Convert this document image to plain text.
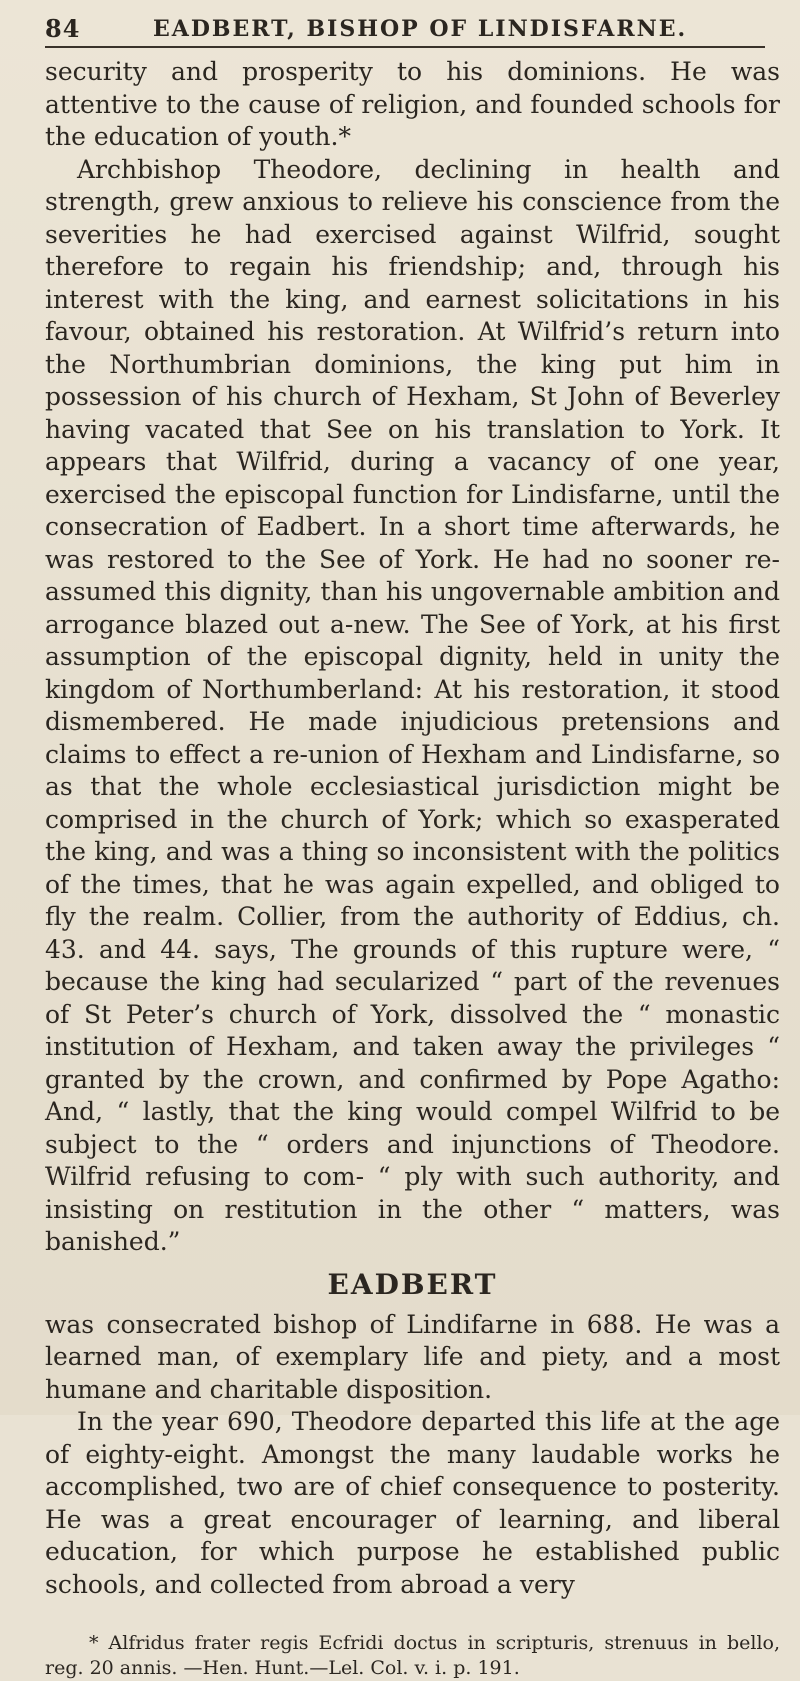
84	EADBERT, BISHOP OF LINDISFARNE.

security and prosperity to his dominions. He was attentive to the cause of religion, and founded schools for the education of youth.*

Archbishop Theodore, declining in health and strength, grew anxious to relieve his conscience from the severities he had exercised against Wilfrid, sought therefore to regain his friendship; and, through his interest with the king, and earnest solicitations in his favour, obtained his restoration. At Wilfrid’s return into the Northumbrian dominions, the king put him in possession of his church of Hexham, St John of Beverley having vacated that See on his translation to York. It appears that Wilfrid, during a vacancy of one year, exercised the episcopal function for Lindisfarne, until the consecration of Eadbert. In a short time afterwards, he was restored to the See of York. He had no sooner re-assumed this dignity, than his ungovernable ambition and arrogance blazed out a-new. The See of York, at his first assumption of the episcopal dignity, held in unity the kingdom of Northumberland: At his restoration, it stood dismembered. He made injudicious pretensions and claims to effect a re-union of Hexham and Lindisfarne, so as that the whole ecclesiastical jurisdiction might be comprised in the church of York; which so exasperated the king, and was a thing so inconsistent with the politics of the times, that he was again expelled, and obliged to fly the realm. Collier, from the authority of Eddius, ch. 43. and 44. says, The grounds of this rupture were, “ because the king had secularized “ part of the revenues of St Peter’s church of York, dissolved the “ monastic institution of Hexham, and taken away the privileges “ granted by the crown, and confirmed by Pope Agatho: And, “ lastly, that the king would compel Wilfrid to be subject to the “ orders and injunctions of Theodore. Wilfrid refusing to com- “ ply with such authority, and insisting on restitution in the other “ matters, was banished.”

EADBERT

was consecrated bishop of Lindifarne in 688. He was a learned man, of exemplary life and piety, and a most humane and charitable disposition.

In the year 690, Theodore departed this life at the age of eighty-eight. Amongst the many laudable works he accomplished, two are of chief consequence to posterity. He was a great encourager of learning, and liberal education, for which purpose he established public schools, and collected from abroad a very

* Alfridus frater regis Ecfridi doctus in scripturis, strenuus in bello, reg. 20 annis. —Hen. Hunt.—Lel. Col. v. i. p. 191.
